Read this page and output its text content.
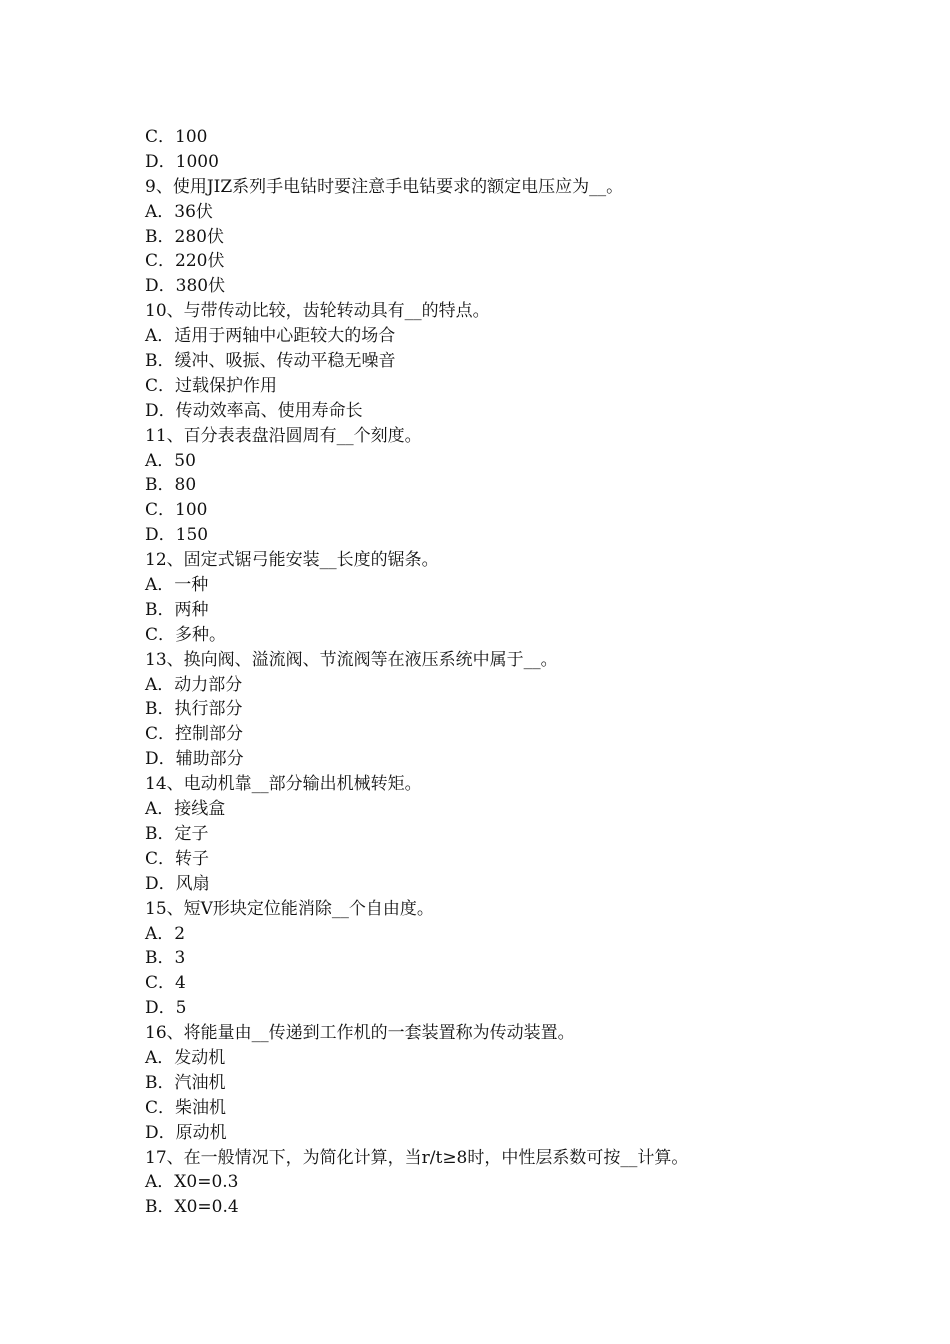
C．100
D．1000
9、使用JIZ系列手电钻时要注意手电钻要求的额定电压应为__。
A．36伏
B．280伏
C．220伏
D．380伏
10、与带传动比较，齿轮转动具有__的特点。
A．适用于两轴中心距较大的场合
B．缓冲、吸振、传动平稳无噪音
C．过载保护作用
D．传动效率高、使用寿命长
11、百分表表盘沿圆周有__个刻度。
A．50
B．80
C．100
D．150
12、固定式锯弓能安装__长度的锯条。
A．一种
B．两种
C．多种。
13、换向阀、溢流阀、节流阀等在液压系统中属于__。
A．动力部分
B．执行部分
C．控制部分
D．辅助部分
14、电动机靠__部分输出机械转矩。
A．接线盒
B．定子
C．转子
D．风扇
15、短V形块定位能消除__个自由度。
A．2
B．3
C．4
D．5
16、将能量由__传递到工作机的一套装置称为传动装置。
A．发动机
B．汽油机
C．柴油机
D．原动机
17、在一般情况下，为简化计算，当r/t≥8时，中性层系数可按__计算。
A．X0=0.3
B．X0=0.4
